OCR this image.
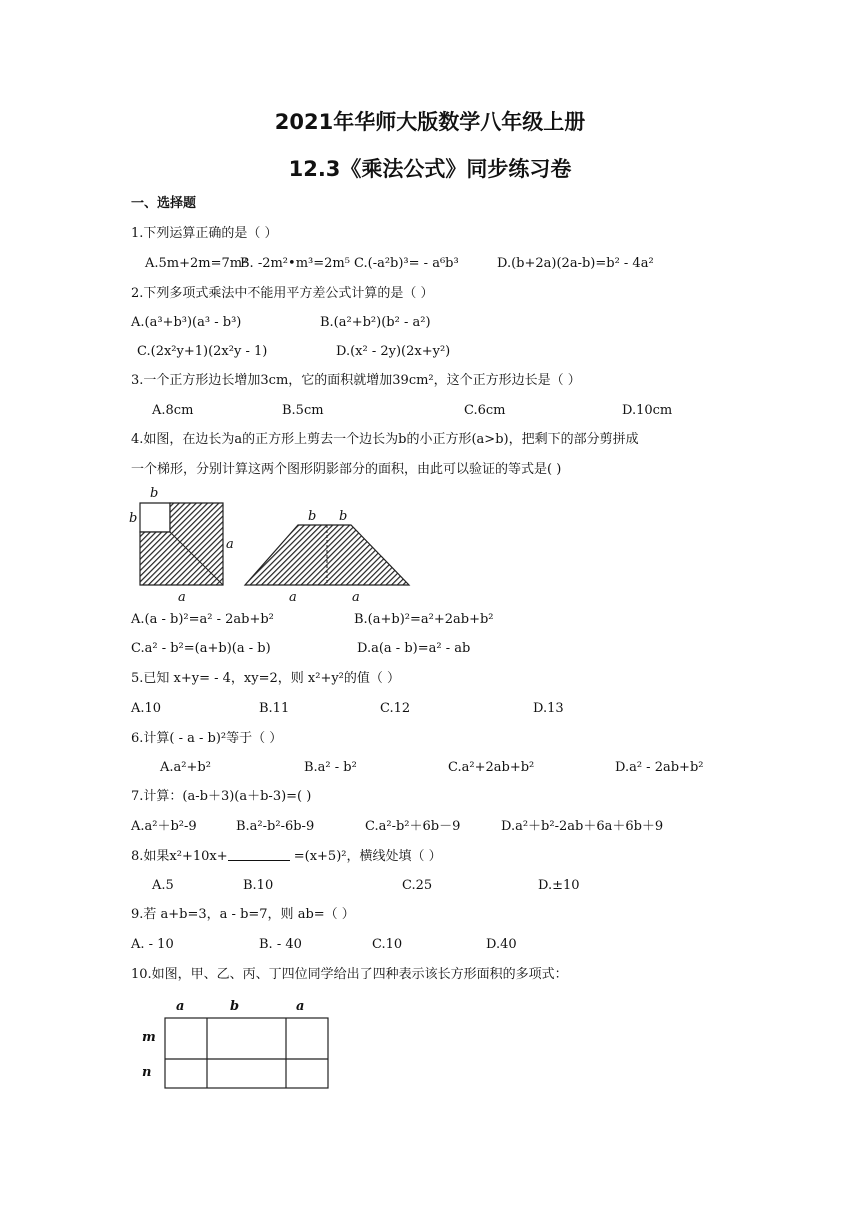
2021年华师大版数学八年级上册
12.3《乘法公式》同步练习卷
一、选择题
1.下列运算正确的是（ ）
A.5m+2m=7m²
B. -2m²•m³=2m⁵ C.(-a²b)³= - a⁶b³	D.(b+2a)(2a-b)=b² - 4a²
2.下列多项式乘法中不能用平方差公式计算的是（ ）
A.(a³+b³)(a³ - b³)	B.(a²+b²)(b² - a²)
C.(2x²y+1)(2x²y - 1)	D.(x² - 2y)(2x+y²)
3.一个正方形边长增加3cm，它的面积就增加39cm²，这个正方形边长是（ ）
A.8cm	B.5cm	C.6cm	D.10cm
4.如图，在边长为a的正方形上剪去一个边长为b的小正方形(a>b)，把剩下的部分剪拼成
一个梯形，分别计算这两个图形阴影部分的面积，由此可以验证的等式是( )
b
b
a
a
b b
a	a
A.(a - b)²=a² - 2ab+b²	B.(a+b)²=a²+2ab+b²
C.a² - b²=(a+b)(a - b)	D.a(a - b)=a² - ab
5.已知 x+y= - 4，xy=2，则 x²+y²的值（ ）
A.10	B.11	C.12	D.13
6.计算( - a - b)²等于（ ）
A.a²+b²	B.a² - b²	C.a²+2ab+b²	D.a² - 2ab+b²
7.计算：(a-b＋3)(a＋b-3)=( )
A.a²＋b²-9	B.a²-b²-6b-9	C.a²-b²＋6b－9	D.a²＋b²-2ab＋6a＋6b＋9
8.如果x²+10x+	=(x+5)²，横线处填（ ）
A.5	B.10	C.25	D.±10
9.若 a+b=3，a - b=7，则 ab=（ ）
A. - 10	B. - 40	C.10	D.40
10.如图，甲、乙、丙、丁四位同学给出了四种表示该长方形面积的多项式：
a	b	a
m
n
